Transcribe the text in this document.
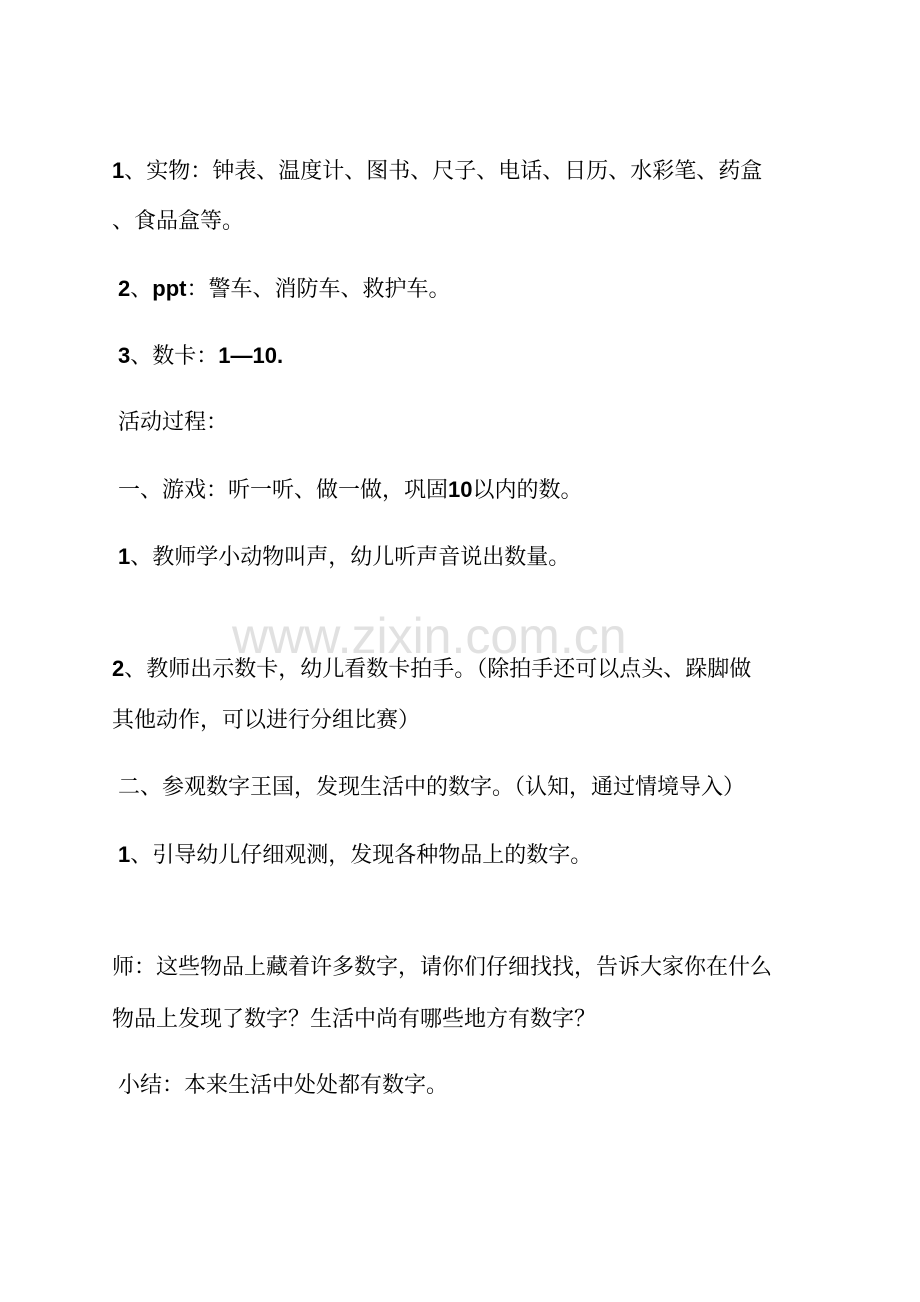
www.zixin.com.cn
1、实物：钟表、温度计、图书、尺子、电话、日历、水彩笔、药盒
、食品盒等。
2、ppt：警车、消防车、救护车。
3、数卡：1—10.
活动过程：
一、游戏：听一听、做一做，巩固10以内的数。
1、教师学小动物叫声，幼儿听声音说出数量。
2、教师出示数卡，幼儿看数卡拍手。（除拍手还可以点头、跺脚做
其他动作，可以进行分组比赛）
二、参观数字王国，发现生活中的数字。（认知，通过情境导入）
1、引导幼儿仔细观测，发现各种物品上的数字。
师：这些物品上藏着许多数字，请你们仔细找找，告诉大家你在什么
物品上发现了数字？生活中尚有哪些地方有数字？
小结：本来生活中处处都有数字。
